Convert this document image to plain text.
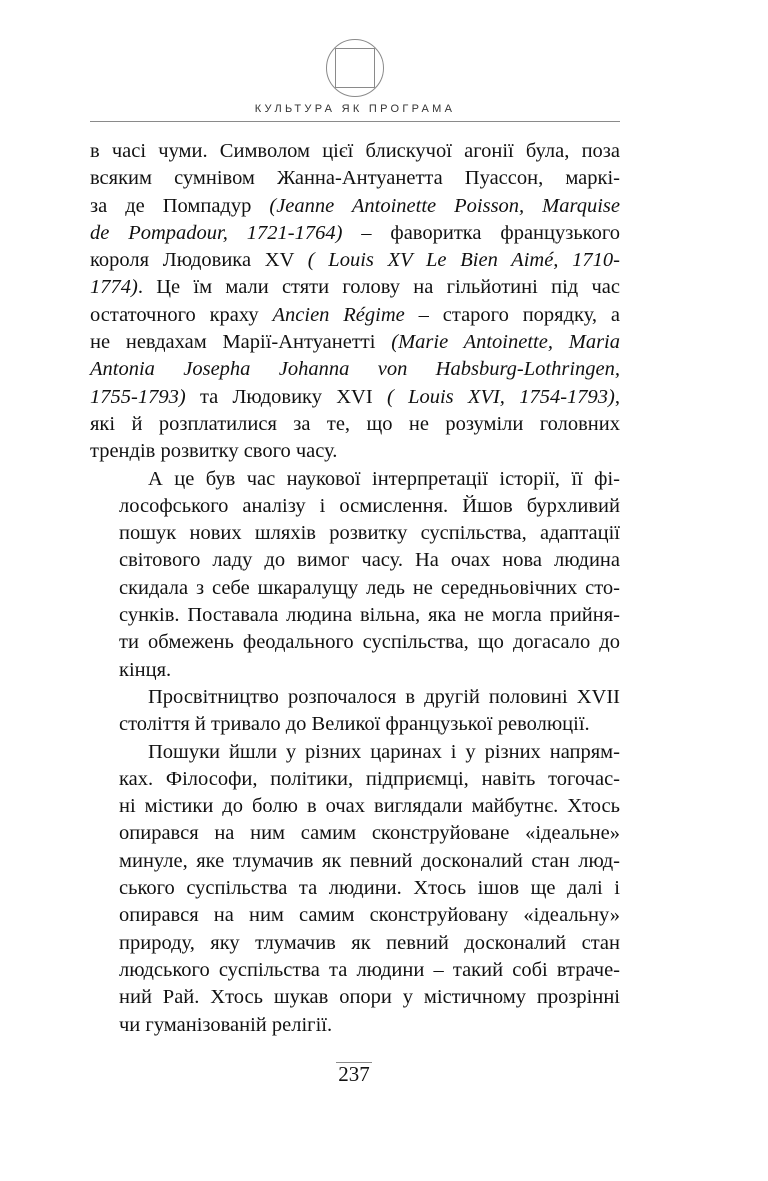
КУЛЬТУРА ЯК ПРОГРАМА

в часі чуми. Символом цієї блискучої агонії була, поза
всяким сумнівом Жанна-Антуанетта Пуассон, маркі-
за де Помпадур (Jeanne Antoinette Poisson, Marquise
de Pompadour, 1721-1764) – фаворитка французького
короля Людовика XV ( Louis XV Le Bien Aimé, 1710-
1774). Це їм мали стяти голову на гільйотині під час
остаточного краху Ancien Régime – старого порядку, а
не невдахам Марії-Антуанетті (Marie Antoinette, Maria
Antonia Josepha Johanna von Habsburg-Lothringen,
1755-1793) та Людовику XVI ( Louis XVI, 1754-1793),
які й розплатилися за те, що не розуміли головних
трендів розвитку свого часу.

А це був час наукової інтерпретації історії, її фі-
лософського аналізу і осмислення. Йшов бурхливий
пошук нових шляхів розвитку суспільства, адаптації
світового ладу до вимог часу. На очах нова людина
скидала з себе шкаралущу ледь не середньовічних сто-
сунків. Поставала людина вільна, яка не могла прийня-
ти обмежень феодального суспільства, що догасало до
кінця.

Просвітництво розпочалося в другій половині XVII
століття й тривало до Великої французької революції.

Пошуки йшли у різних царинах і у різних напрям-
ках. Філософи, політики, підприємці, навіть тогочас-
ні містики до болю в очах виглядали майбутнє. Хтось
опирався на ним самим сконструйоване «ідеальне»
минуле, яке тлумачив як певний досконалий стан люд-
ського суспільства та людини. Хтось ішов ще далі і
опирався на ним самим сконструйовану «ідеальну»
природу, яку тлумачив як певний досконалий стан
людського суспільства та людини – такий собі втраче-
ний Рай. Хтось шукав опори у містичному прозрінні
чи гуманізованій релігії.

237
